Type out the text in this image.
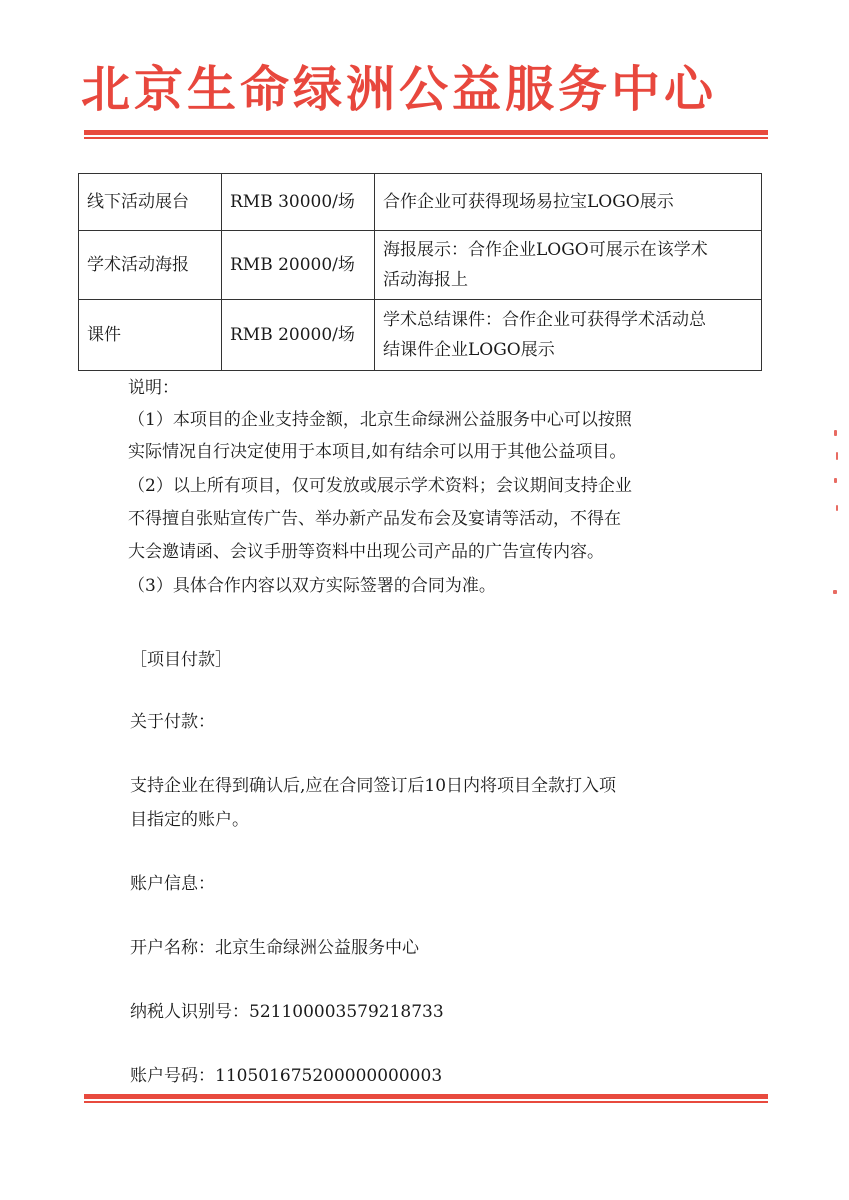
北京生命绿洲公益服务中心
线下活动展台	RMB 30000/场	合作企业可获得现场易拉宝LOGO展示

学术活动海报	RMB 20000/场	海报展示：合作企业LOGO可展示在该学术
活动海报上

课件	RMB 20000/场	学术总结课件：合作企业可获得学术活动总
结课件企业LOGO展示
说明：
（1）本项目的企业支持金额，北京生命绿洲公益服务中心可以按照
实际情况自行决定使用于本项目,如有结余可以用于其他公益项目。
（2）以上所有项目，仅可发放或展示学术资料；会议期间支持企业
不得擅自张贴宣传广告、举办新产品发布会及宴请等活动，不得在
大会邀请函、会议手册等资料中出现公司产品的广告宣传内容。
（3）具体合作内容以双方实际签署的合同为准。
［项目付款］
关于付款：
支持企业在得到确认后,应在合同签订后10日内将项目全款打入项
目指定的账户。
账户信息：
开户名称：北京生命绿洲公益服务中心
纳税人识别号：521100003579218733
账户号码：110501675200000000003
